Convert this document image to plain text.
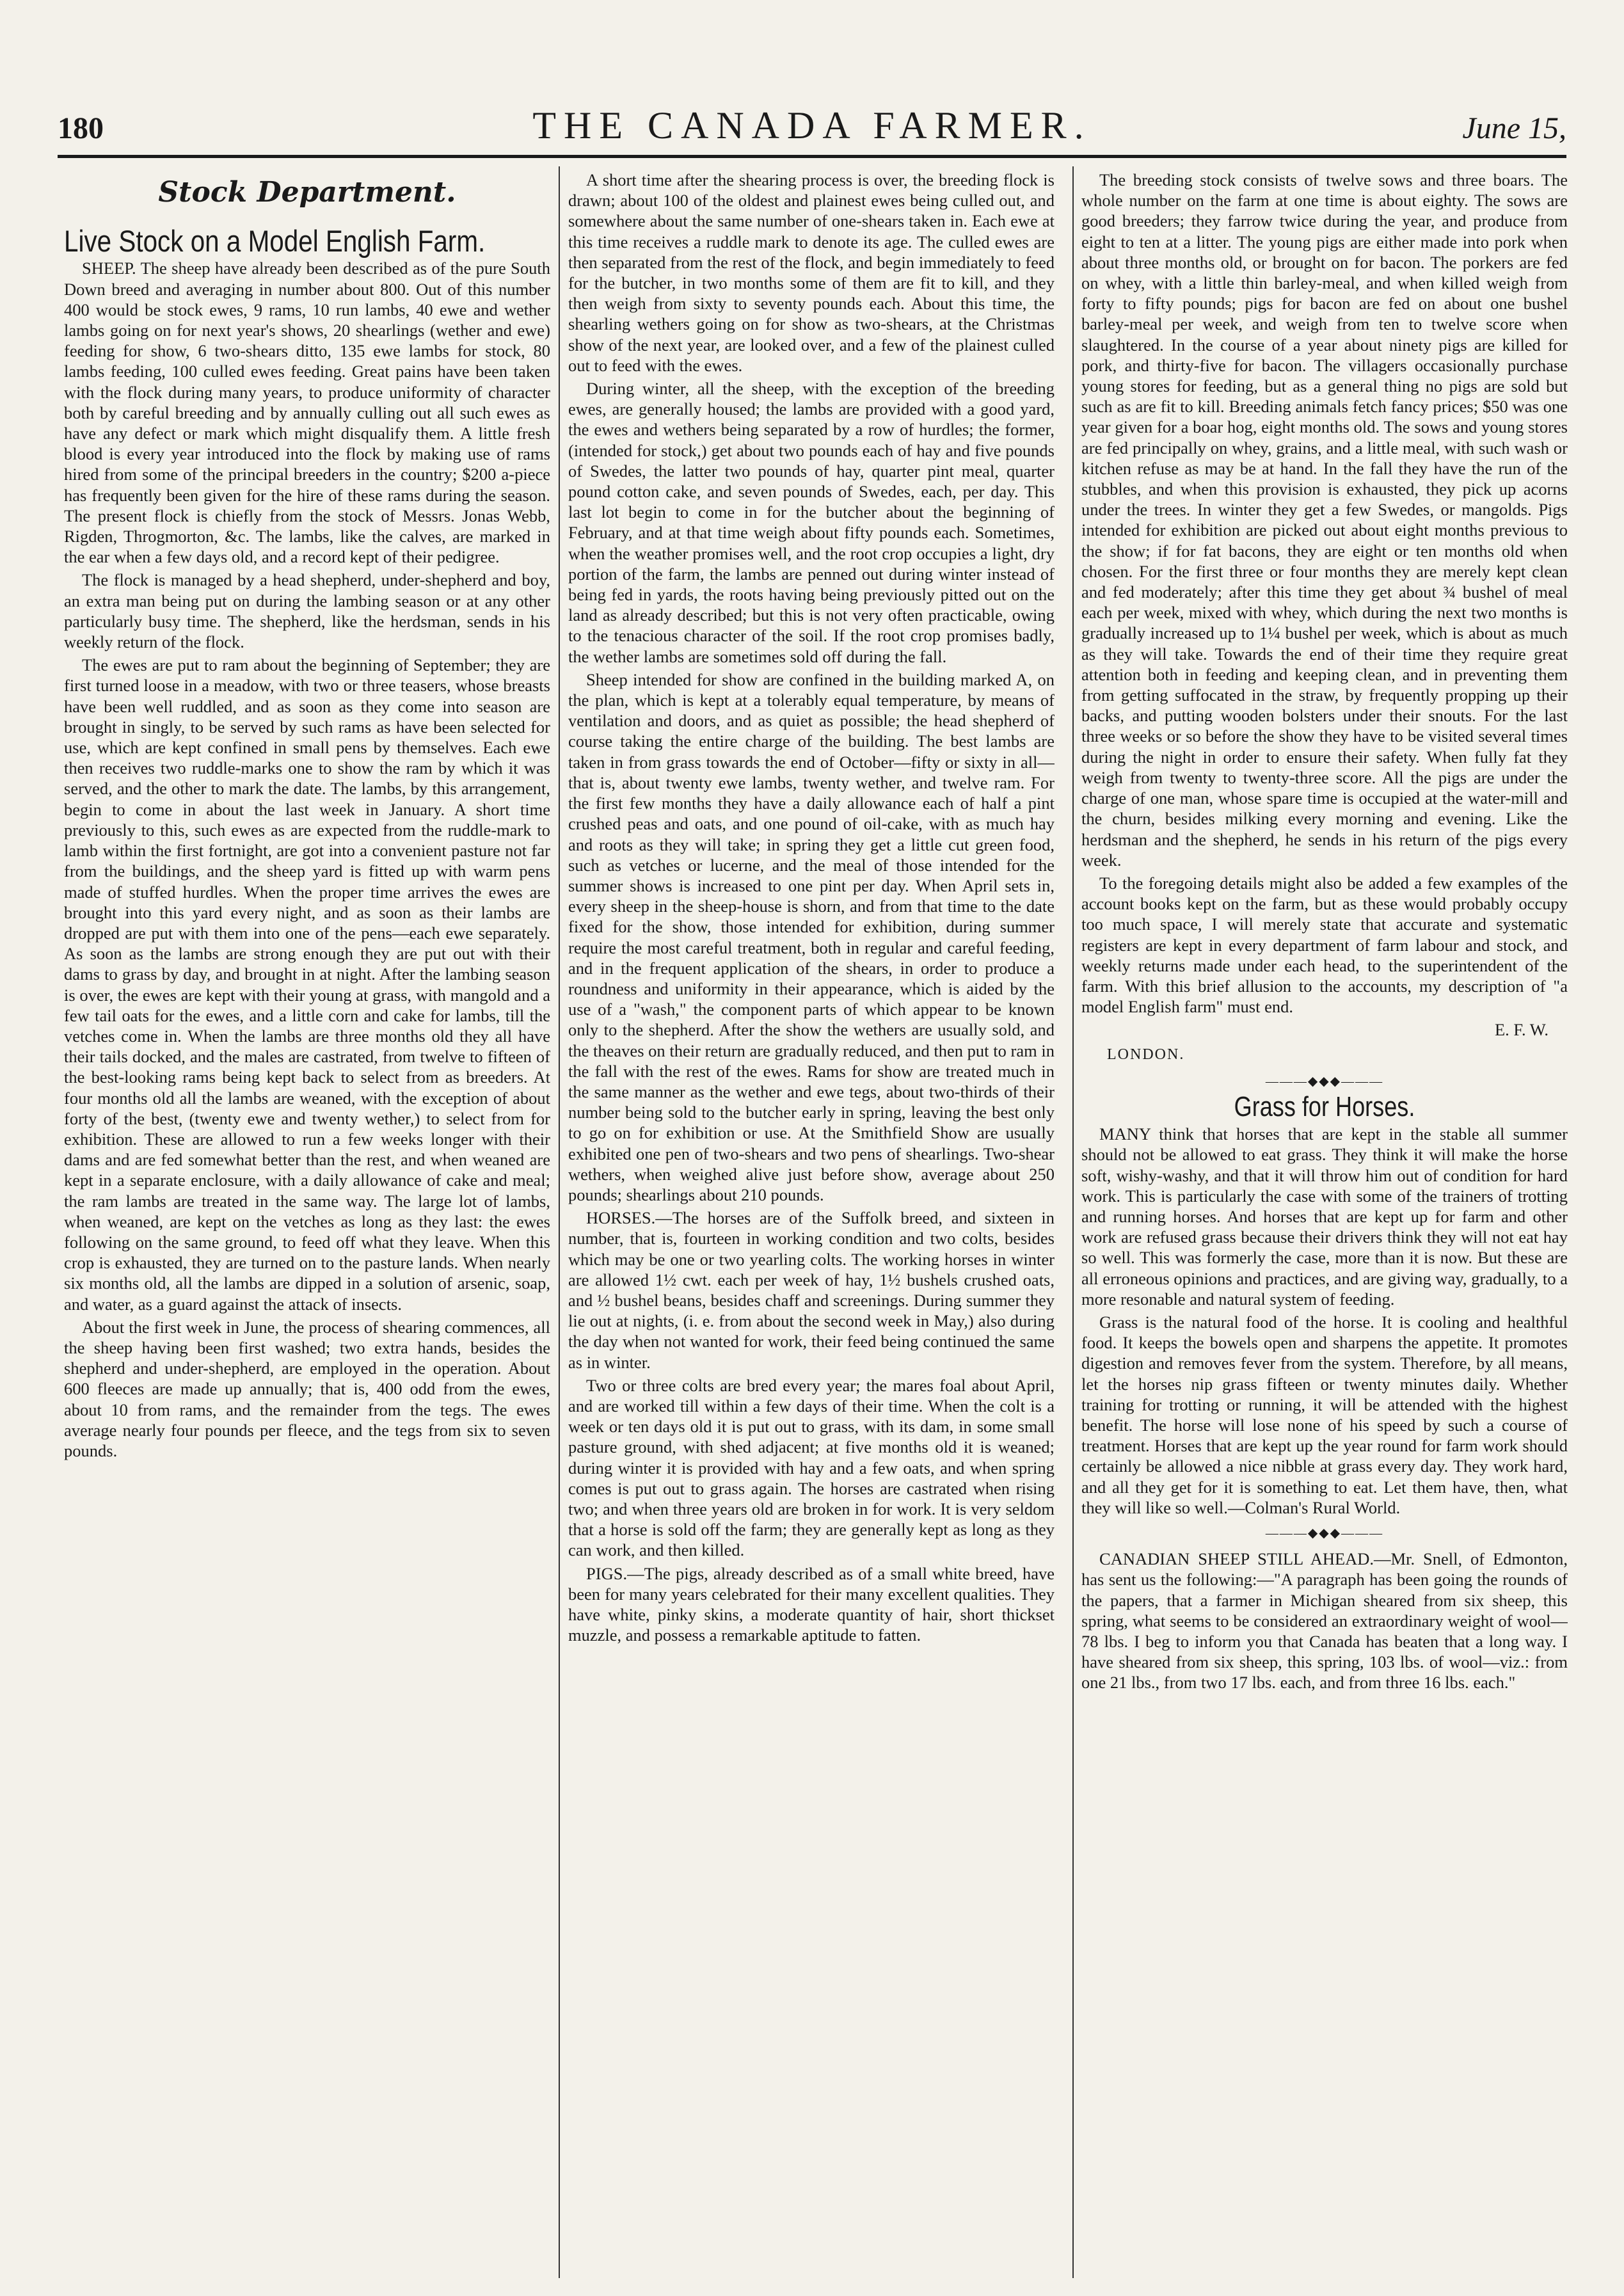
180	THE CANADA FARMER.	June 15,
Stock Department.
Live Stock on a Model English Farm.

SHEEP. The sheep have already been described as of the pure South Down breed and averaging in number about 800. Out of this number 400 would be stock ewes, 9 rams, 10 run lambs, 40 ewe and wether lambs going on for next year's shows, 20 shearlings (wether and ewe) feeding for show, 6 two-shears ditto, 135 ewe lambs for stock, 80 lambs feeding, 100 culled ewes feeding. Great pains have been taken with the flock during many years, to produce uniformity of character both by careful breeding and by annually culling out all such ewes as have any defect or mark which might disqualify them. A little fresh blood is every year introduced into the flock by making use of rams hired from some of the principal breeders in the country; $200 a-piece has frequently been given for the hire of these rams during the season. The present flock is chiefly from the stock of Messrs. Jonas Webb, Rigden, Throgmorton, &c. The lambs, like the calves, are marked in the ear when a few days old, and a record kept of their pedigree.

The flock is managed by a head shepherd, under-shepherd and boy, an extra man being put on during the lambing season or at any other particularly busy time. The shepherd, like the herdsman, sends in his weekly return of the flock.

The ewes are put to ram about the beginning of September; they are first turned loose in a meadow, with two or three teasers, whose breasts have been well ruddled, and as soon as they come into season are brought in singly, to be served by such rams as have been selected for use, which are kept confined in small pens by themselves. Each ewe then receives two ruddle-marks one to show the ram by which it was served, and the other to mark the date. The lambs, by this arrangement, begin to come in about the last week in January. A short time previously to this, such ewes as are expected from the ruddle-mark to lamb within the first fortnight, are got into a convenient pasture not far from the buildings, and the sheep yard is fitted up with warm pens made of stuffed hurdles. When the proper time arrives the ewes are brought into this yard every night, and as soon as their lambs are dropped are put with them into one of the pens—each ewe separately. As soon as the lambs are strong enough they are put out with their dams to grass by day, and brought in at night. After the lambing season is over, the ewes are kept with their young at grass, with mangold and a few tail oats for the ewes, and a little corn and cake for lambs, till the vetches come in. When the lambs are three months old they all have their tails docked, and the males are castrated, from twelve to fifteen of the best-looking rams being kept back to select from as breeders. At four months old all the lambs are weaned, with the exception of about forty of the best, (twenty ewe and twenty wether,) to select from for exhibition. These are allowed to run a few weeks longer with their dams and are fed somewhat better than the rest, and when weaned are kept in a separate enclosure, with a daily allowance of cake and meal; the ram lambs are treated in the same way. The large lot of lambs, when weaned, are kept on the vetches as long as they last: the ewes following on the same ground, to feed off what they leave. When this crop is exhausted, they are turned on to the pasture lands. When nearly six months old, all the lambs are dipped in a solution of arsenic, soap, and water, as a guard against the attack of insects.

About the first week in June, the process of shearing commences, all the sheep having been first washed; two extra hands, besides the shepherd and under-shepherd, are employed in the operation. About 600 fleeces are made up annually; that is, 400 odd from the ewes, about 10 from rams, and the remainder from the tegs. The ewes average nearly four pounds per fleece, and the tegs from six to seven pounds.

A short time after the shearing process is over, the breeding flock is drawn; about 100 of the oldest and plainest ewes being culled out, and somewhere about the same number of one-shears taken in. Each ewe at this time receives a ruddle mark to denote its age. The culled ewes are then separated from the rest of the flock, and begin immediately to feed for the butcher, in two months some of them are fit to kill, and they then weigh from sixty to seventy pounds each. About this time, the shearling wethers going on for show as two-shears, at the Christmas show of the next year, are looked over, and a few of the plainest culled out to feed with the ewes.

During winter, all the sheep, with the exception of the breeding ewes, are generally housed; the lambs are provided with a good yard, the ewes and wethers being separated by a row of hurdles; the former, (intended for stock,) get about two pounds each of hay and five pounds of Swedes, the latter two pounds of hay, quarter pint meal, quarter pound cotton cake, and seven pounds of Swedes, each, per day. This last lot begin to come in for the butcher about the beginning of February, and at that time weigh about fifty pounds each. Sometimes, when the weather promises well, and the root crop occupies a light, dry portion of the farm, the lambs are penned out during winter instead of being fed in yards, the roots having being previously pitted out on the land as already described; but this is not very often practicable, owing to the tenacious character of the soil. If the root crop promises badly, the wether lambs are sometimes sold off during the fall.

Sheep intended for show are confined in the building marked A, on the plan, which is kept at a tolerably equal temperature, by means of ventilation and doors, and as quiet as possible; the head shepherd of course taking the entire charge of the building. The best lambs are taken in from grass towards the end of October—fifty or sixty in all—that is, about twenty ewe lambs, twenty wether, and twelve ram. For the first few months they have a daily allowance each of half a pint crushed peas and oats, and one pound of oil-cake, with as much hay and roots as they will take; in spring they get a little cut green food, such as vetches or lucerne, and the meal of those intended for the summer shows is increased to one pint per day. When April sets in, every sheep in the sheep-house is shorn, and from that time to the date fixed for the show, those intended for exhibition, during summer require the most careful treatment, both in regular and careful feeding, and in the frequent application of the shears, in order to produce a roundness and uniformity in their appearance, which is aided by the use of a "wash," the component parts of which appear to be known only to the shepherd. After the show the wethers are usually sold, and the theaves on their return are gradually reduced, and then put to ram in the fall with the rest of the ewes. Rams for show are treated much in the same manner as the wether and ewe tegs, about two-thirds of their number being sold to the butcher early in spring, leaving the best only to go on for exhibition or use. At the Smithfield Show are usually exhibited one pen of two-shears and two pens of shearlings. Two-shear wethers, when weighed alive just before show, average about 250 pounds; shearlings about 210 pounds.

HORSES.—The horses are of the Suffolk breed, and sixteen in number, that is, fourteen in working condition and two colts, besides which may be one or two yearling colts. The working horses in winter are allowed 1½ cwt. each per week of hay, 1½ bushels crushed oats, and ½ bushel beans, besides chaff and screenings. During summer they lie out at nights, (i. e. from about the second week in May,) also during the day when not wanted for work, their feed being continued the same as in winter.

Two or three colts are bred every year; the mares foal about April, and are worked till within a few days of their time. When the colt is a week or ten days old it is put out to grass, with its dam, in some small pasture ground, with shed adjacent; at five months old it is weaned; during winter it is provided with hay and a few oats, and when spring comes is put out to grass again. The horses are castrated when rising two; and when three years old are broken in for work. It is very seldom that a horse is sold off the farm; they are generally kept as long as they can work, and then killed.

PIGS.—The pigs, already described as of a small white breed, have been for many years celebrated for their many excellent qualities. They have white, pinky skins, a moderate quantity of hair, short thickset muzzle, and possess a remarkable aptitude to fatten.

The breeding stock consists of twelve sows and three boars. The whole number on the farm at one time is about eighty. The sows are good breeders; they farrow twice during the year, and produce from eight to ten at a litter. The young pigs are either made into pork when about three months old, or brought on for bacon. The porkers are fed on whey, with a little thin barley-meal, and when killed weigh from forty to fifty pounds; pigs for bacon are fed on about one bushel barley-meal per week, and weigh from ten to twelve score when slaughtered. In the course of a year about ninety pigs are killed for pork, and thirty-five for bacon. The villagers occasionally purchase young stores for feeding, but as a general thing no pigs are sold but such as are fit to kill. Breeding animals fetch fancy prices; $50 was one year given for a boar hog, eight months old. The sows and young stores are fed principally on whey, grains, and a little meal, with such wash or kitchen refuse as may be at hand. In the fall they have the run of the stubbles, and when this provision is exhausted, they pick up acorns under the trees. In winter they get a few Swedes, or mangolds. Pigs intended for exhibition are picked out about eight months previous to the show; if for fat bacons, they are eight or ten months old when chosen. For the first three or four months they are merely kept clean and fed moderately; after this time they get about ¾ bushel of meal each per week, mixed with whey, which during the next two months is gradually increased up to 1¼ bushel per week, which is about as much as they will take. Towards the end of their time they require great attention both in feeding and keeping clean, and in preventing them from getting suffocated in the straw, by frequently propping up their backs, and putting wooden bolsters under their snouts. For the last three weeks or so before the show they have to be visited several times during the night in order to ensure their safety. When fully fat they weigh from twenty to twenty-three score. All the pigs are under the charge of one man, whose spare time is occupied at the water-mill and the churn, besides milking every morning and evening. Like the herdsman and the shepherd, he sends in his return of the pigs every week.

To the foregoing details might also be added a few examples of the account books kept on the farm, but as these would probably occupy too much space, I will merely state that accurate and systematic registers are kept in every department of farm labour and stock, and weekly returns made under each head, to the superintendent of the farm. With this brief allusion to the accounts, my description of "a model English farm" must end.

E. F. W.
LONDON.
———◆◆◆———
Grass for Horses.

MANY think that horses that are kept in the stable all summer should not be allowed to eat grass. They think it will make the horse soft, wishy-washy, and that it will throw him out of condition for hard work. This is particularly the case with some of the trainers of trotting and running horses. And horses that are kept up for farm and other work are refused grass because their drivers think they will not eat hay so well. This was formerly the case, more than it is now. But these are all erroneous opinions and practices, and are giving way, gradually, to a more resonable and natural system of feeding.

Grass is the natural food of the horse. It is cooling and healthful food. It keeps the bowels open and sharpens the appetite. It promotes digestion and removes fever from the system. Therefore, by all means, let the horses nip grass fifteen or twenty minutes daily. Whether training for trotting or running, it will be attended with the highest benefit. The horse will lose none of his speed by such a course of treatment. Horses that are kept up the year round for farm work should certainly be allowed a nice nibble at grass every day. They work hard, and all they get for it is something to eat. Let them have, then, what they will like so well.—Colman's Rural World.

———◆◆◆———

CANADIAN SHEEP STILL AHEAD.—Mr. Snell, of Edmonton, has sent us the following:—"A paragraph has been going the rounds of the papers, that a farmer in Michigan sheared from six sheep, this spring, what seems to be considered an extraordinary weight of wool—78 lbs. I beg to inform you that Canada has beaten that a long way. I have sheared from six sheep, this spring, 103 lbs. of wool—viz.: from one 21 lbs., from two 17 lbs. each, and from three 16 lbs. each."
